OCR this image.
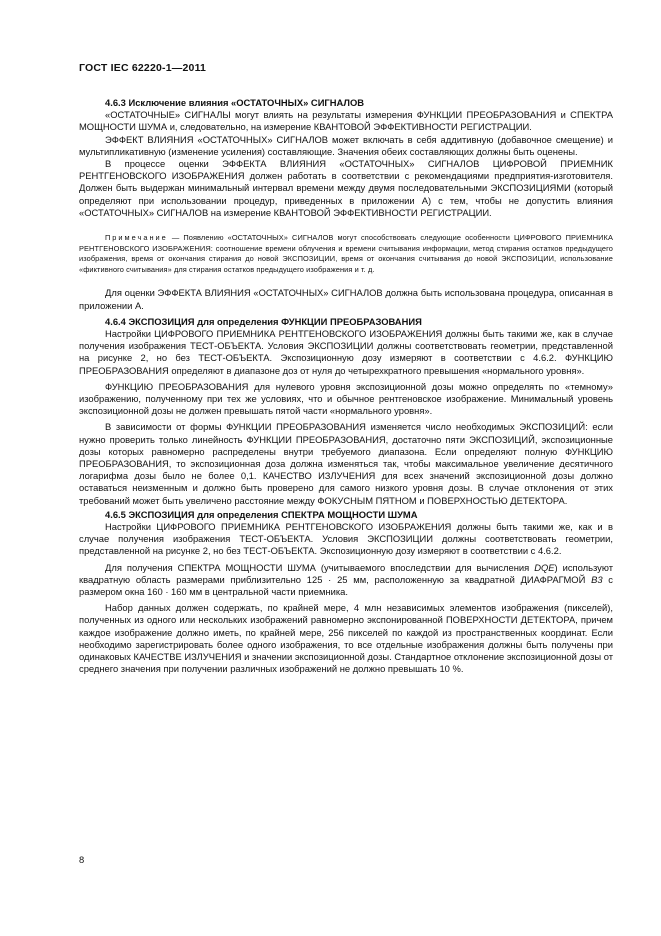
ГОСТ IEC 62220-1—2011

4.6.3 Исключение влияния «ОСТАТОЧНЫХ» СИГНАЛОВ

«ОСТАТОЧНЫЕ» СИГНАЛЫ могут влиять на результаты измерения ФУНКЦИИ ПРЕОБРАЗОВАНИЯ и СПЕКТРА МОЩНОСТИ ШУМА и, следовательно, на измерение КВАНТОВОЙ ЭФФЕКТИВНОСТИ РЕГИСТРАЦИИ.

ЭФФЕКТ ВЛИЯНИЯ «ОСТАТОЧНЫХ» СИГНАЛОВ может включать в себя аддитивную (добавочное смещение) и мультипликативную (изменение усиления) составляющие. Значения обеих составляющих должны быть оценены.

В процессе оценки ЭФФЕКТА ВЛИЯНИЯ «ОСТАТОЧНЫХ» СИГНАЛОВ ЦИФРОВОЙ ПРИЕМНИК РЕНТГЕНОВСКОГО ИЗОБРАЖЕНИЯ должен работать в соответствии с рекомендациями предприятия-изготовителя. Должен быть выдержан минимальный интервал времени между двумя последовательными ЭКСПОЗИЦИЯМИ (который определяют при использовании процедур, приведенных в приложении А) с тем, чтобы не допустить влияния «ОСТАТОЧНЫХ» СИГНАЛОВ на измерение КВАНТОВОЙ ЭФФЕКТИВНОСТИ РЕГИСТРАЦИИ.

Примечание — Появлению «ОСТАТОЧНЫХ» СИГНАЛОВ могут способствовать следующие особенности ЦИФРОВОГО ПРИЕМНИКА РЕНТГЕНОВСКОГО ИЗОБРАЖЕНИЯ: соотношение времени облучения и времени считывания информации, метод стирания остатков предыдущего изображения, время от окончания стирания до новой ЭКСПОЗИЦИИ, время от окончания считывания до новой ЭКСПОЗИЦИИ, использование «фиктивного считывания» для стирания остатков предыдущего изображения и т. д.

Для оценки ЭФФЕКТА ВЛИЯНИЯ «ОСТАТОЧНЫХ» СИГНАЛОВ должна быть использована процедура, описанная в приложении А.

4.6.4 ЭКСПОЗИЦИЯ для определения ФУНКЦИИ ПРЕОБРАЗОВАНИЯ

Настройки ЦИФРОВОГО ПРИЕМНИКА РЕНТГЕНОВСКОГО ИЗОБРАЖЕНИЯ должны быть такими же, как в случае получения изображения ТЕСТ-ОБЪЕКТА. Условия ЭКСПОЗИЦИИ должны соответствовать геометрии, представленной на рисунке 2, но без ТЕСТ-ОБЪЕКТА. Экспозиционную дозу измеряют в соответствии с 4.6.2. ФУНКЦИЮ ПРЕОБРАЗОВАНИЯ определяют в диапазоне доз от нуля до четырехкратного превышения «нормального уровня».

ФУНКЦИЮ ПРЕОБРАЗОВАНИЯ для нулевого уровня экспозиционной дозы можно определять по «темному» изображению, полученному при тех же условиях, что и обычное рентгеновское изображение. Минимальный уровень экспозиционной дозы не должен превышать пятой части «нормального уровня».

В зависимости от формы ФУНКЦИИ ПРЕОБРАЗОВАНИЯ изменяется число необходимых ЭКСПОЗИЦИЙ: если нужно проверить только линейность ФУНКЦИИ ПРЕОБРАЗОВАНИЯ, достаточно пяти ЭКСПОЗИЦИЙ, экспозиционные дозы которых равномерно распределены внутри требуемого диапазона. Если определяют полную ФУНКЦИЮ ПРЕОБРАЗОВАНИЯ, то экспозиционная доза должна изменяться так, чтобы максимальное увеличение десятичного логарифма дозы было не более 0,1. КАЧЕСТВО ИЗЛУЧЕНИЯ для всех значений экспозиционной дозы должно оставаться неизменным и должно быть проверено для самого низкого уровня дозы. В случае отклонения от этих требований может быть увеличено расстояние между ФОКУСНЫМ ПЯТНОМ и ПОВЕРХНОСТЬЮ ДЕТЕКТОРА.

4.6.5 ЭКСПОЗИЦИЯ для определения СПЕКТРА МОЩНОСТИ ШУМА

Настройки ЦИФРОВОГО ПРИЕМНИКА РЕНТГЕНОВСКОГО ИЗОБРАЖЕНИЯ должны быть такими же, как и в случае получения изображения ТЕСТ-ОБЪЕКТА. Условия ЭКСПОЗИЦИИ должны соответствовать геометрии, представленной на рисунке 2, но без ТЕСТ-ОБЪЕКТА. Экспозиционную дозу измеряют в соответствии с 4.6.2.

Для получения СПЕКТРА МОЩНОСТИ ШУМА (учитываемого впоследствии для вычисления DQE) используют квадратную область размерами приблизительно 125 · 25 мм, расположенную за квадратной ДИАФРАГМОЙ B3 с размером окна 160 · 160 мм в центральной части приемника.

Набор данных должен содержать, по крайней мере, 4 млн независимых элементов изображения (пикселей), полученных из одного или нескольких изображений равномерно экспонированной ПОВЕРХНОСТИ ДЕТЕКТОРА, причем каждое изображение должно иметь, по крайней мере, 256 пикселей по каждой из пространственных координат. Если необходимо зарегистрировать более одного изображения, то все отдельные изображения должны быть получены при одинаковых КАЧЕСТВЕ ИЗЛУЧЕНИЯ и значении экспозиционной дозы. Стандартное отклонение экспозиционной дозы от среднего значения при получении различных изображений не должно превышать 10 %.

8
